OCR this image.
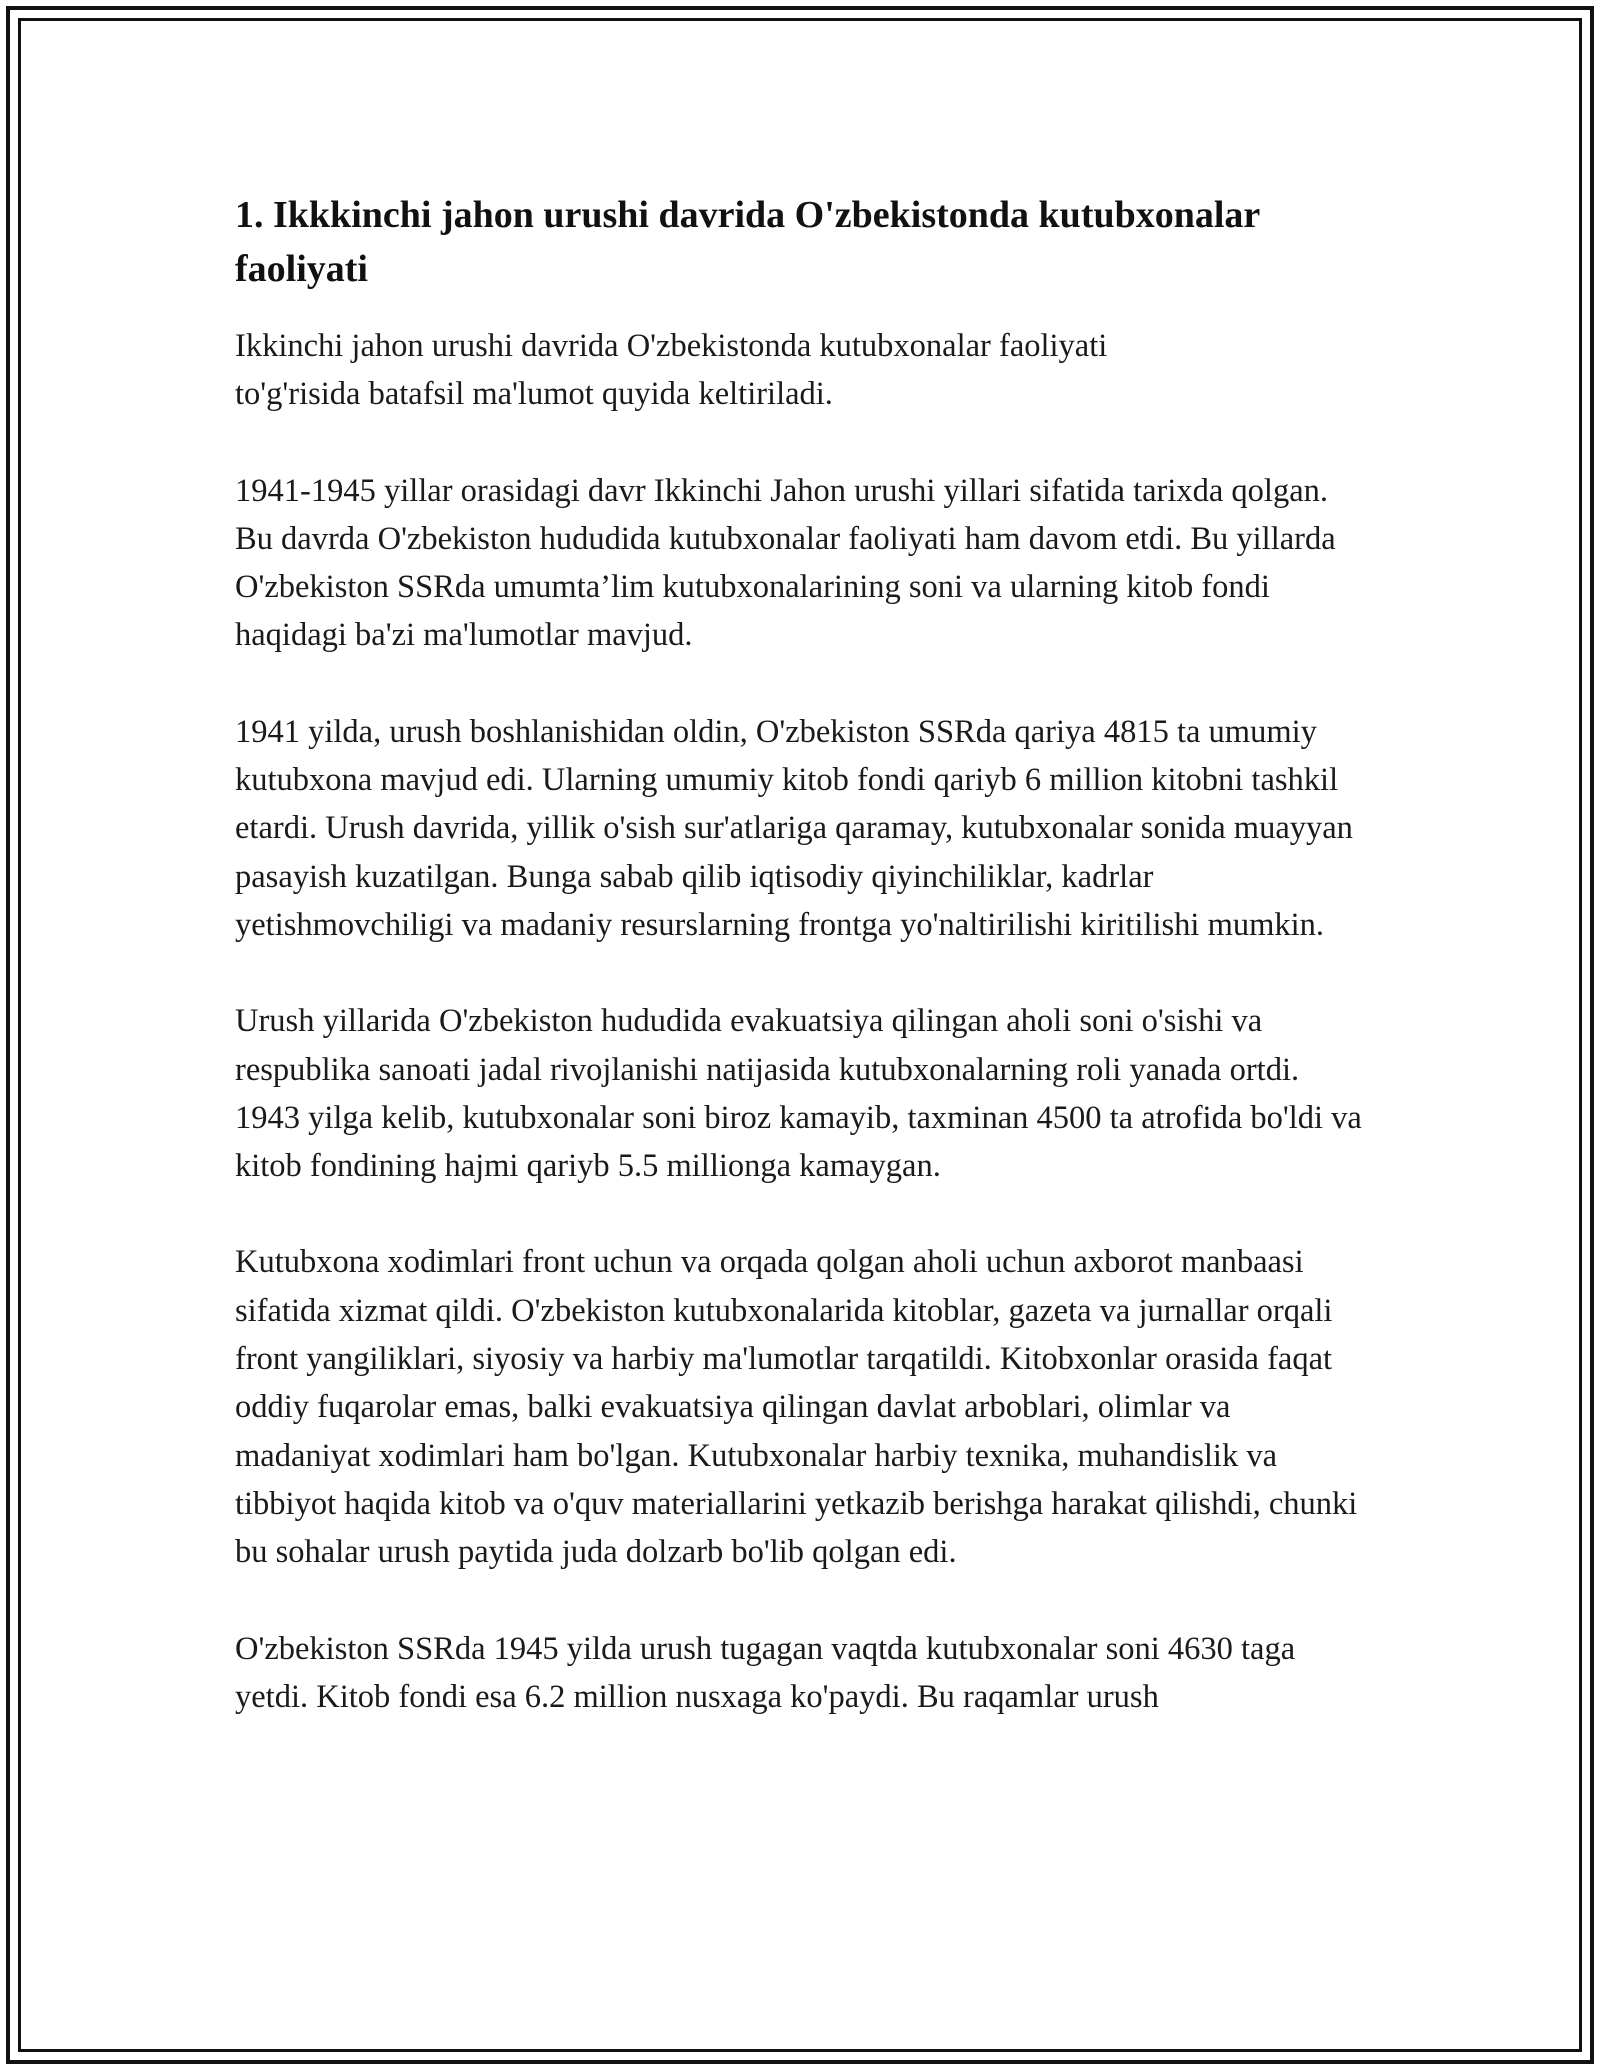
1. Ikkkinchi jahon urushi davrida O'zbekistonda kutubxonalar faoliyati

Ikkinchi jahon urushi davrida O'zbekistonda kutubxonalar faoliyati to'g'risida batafsil ma'lumot quyida keltiriladi.

1941-1945 yillar orasidagi davr Ikkinchi Jahon urushi yillari sifatida tarixda qolgan. Bu davrda O'zbekiston hududida kutubxonalar faoliyati ham davom etdi. Bu yillarda O'zbekiston SSRda umumta’lim kutubxonalarining soni va ularning kitob fondi haqidagi ba'zi ma'lumotlar mavjud.

1941 yilda, urush boshlanishidan oldin, O'zbekiston SSRda qariya 4815 ta umumiy kutubxona mavjud edi. Ularning umumiy kitob fondi qariyb 6 million kitobni tashkil etardi. Urush davrida, yillik o'sish sur'atlariga qaramay, kutubxonalar sonida muayyan pasayish kuzatilgan. Bunga sabab qilib iqtisodiy qiyinchiliklar, kadrlar yetishmovchiligi va madaniy resurslarning frontga yo'naltirilishi kiritilishi mumkin.

Urush yillarida O'zbekiston hududida evakuatsiya qilingan aholi soni o'sishi va respublika sanoati jadal rivojlanishi natijasida kutubxonalarning roli yanada ortdi. 1943 yilga kelib, kutubxonalar soni biroz kamayib, taxminan 4500 ta atrofida bo'ldi va kitob fondining hajmi qariyb 5.5 millionga kamaygan.

Kutubxona xodimlari front uchun va orqada qolgan aholi uchun axborot manbaasi sifatida xizmat qildi. O'zbekiston kutubxonalarida kitoblar, gazeta va jurnallar orqali front yangiliklari, siyosiy va harbiy ma'lumotlar tarqatildi. Kitobxonlar orasida faqat oddiy fuqarolar emas, balki evakuatsiya qilingan davlat arboblari, olimlar va madaniyat xodimlari ham bo'lgan. Kutubxonalar harbiy texnika, muhandislik va tibbiyot haqida kitob va o'quv materiallarini yetkazib berishga harakat qilishdi, chunki bu sohalar urush paytida juda dolzarb bo'lib qolgan edi.

O'zbekiston SSRda 1945 yilda urush tugagan vaqtda kutubxonalar soni 4630 taga yetdi. Kitob fondi esa 6.2 million nusxaga ko'paydi. Bu raqamlar urush
